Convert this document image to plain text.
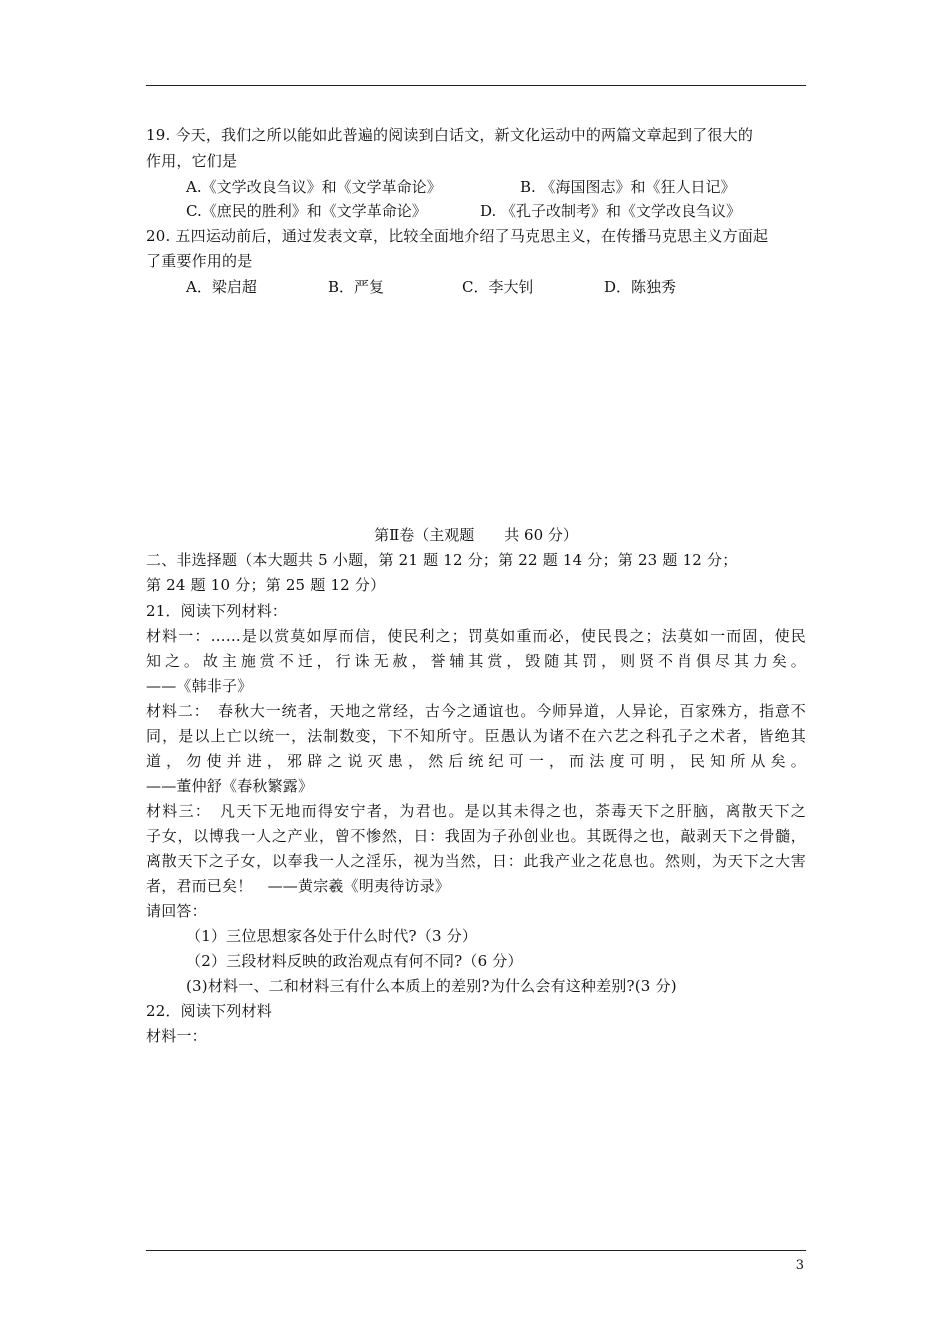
19. 今天，我们之所以能如此普遍的阅读到白话文，新文化运动中的两篇文章起到了很大的
作用，它们是
A.《文学改良刍议》和《文学革命论》	B. 《海国图志》和《狂人日记》
C.《庶民的胜利》和《文学革命论》	D. 《孔子改制考》和《文学改良刍议》
20. 五四运动前后，通过发表文章，比较全面地介绍了马克思主义，在传播马克思主义方面起
了重要作用的是
A．梁启超	B．严复	C．李大钊	D．陈独秀
第Ⅱ卷（主观题　　共 60 分）
二、非选择题（本大题共 5 小题，第 21 题 12 分；第 22 题 14 分；第 23 题 12 分；
第 24 题 10 分；第 25 题 12 分）
21．阅读下列材料：
材料一：……是以赏莫如厚而信，使民利之；罚莫如重而必，使民畏之；法莫如一而固，使民
知之。故主施赏不迁，行诛无赦，誉辅其赏，毁随其罚，则贤不肖俱尽其力矣。
——《韩非子》
材料二：　春秋大一统者，天地之常经，古今之通谊也。今师异道，人异论，百家殊方，指意不
同，是以上亡以统一，法制数变，下不知所守。臣愚认为诸不在六艺之科孔子之术者，皆绝其
道，勿使并进，邪辟之说灭患，然后统纪可一，而法度可明，民知所从矣。
——董仲舒《春秋繁露》
材料三：　凡天下无地而得安宁者，为君也。是以其未得之也，荼毒天下之肝脑，离散天下之
子女，以博我一人之产业，曾不惨然，日：我固为子孙创业也。其既得之也，敲剥天下之骨髓，
离散天下之子女，以奉我一人之淫乐，视为当然，日：此我产业之花息也。然则，为天下之大害
者，君而已矣！　——黄宗羲《明夷待访录》
请回答：
（1）三位思想家各处于什么时代?（3 分）
（2）三段材料反映的政治观点有何不同?（6 分）
(3)材料一、二和材料三有什么本质上的差别?为什么会有这种差别?(3 分)
22．阅读下列材料
材料一：
3
